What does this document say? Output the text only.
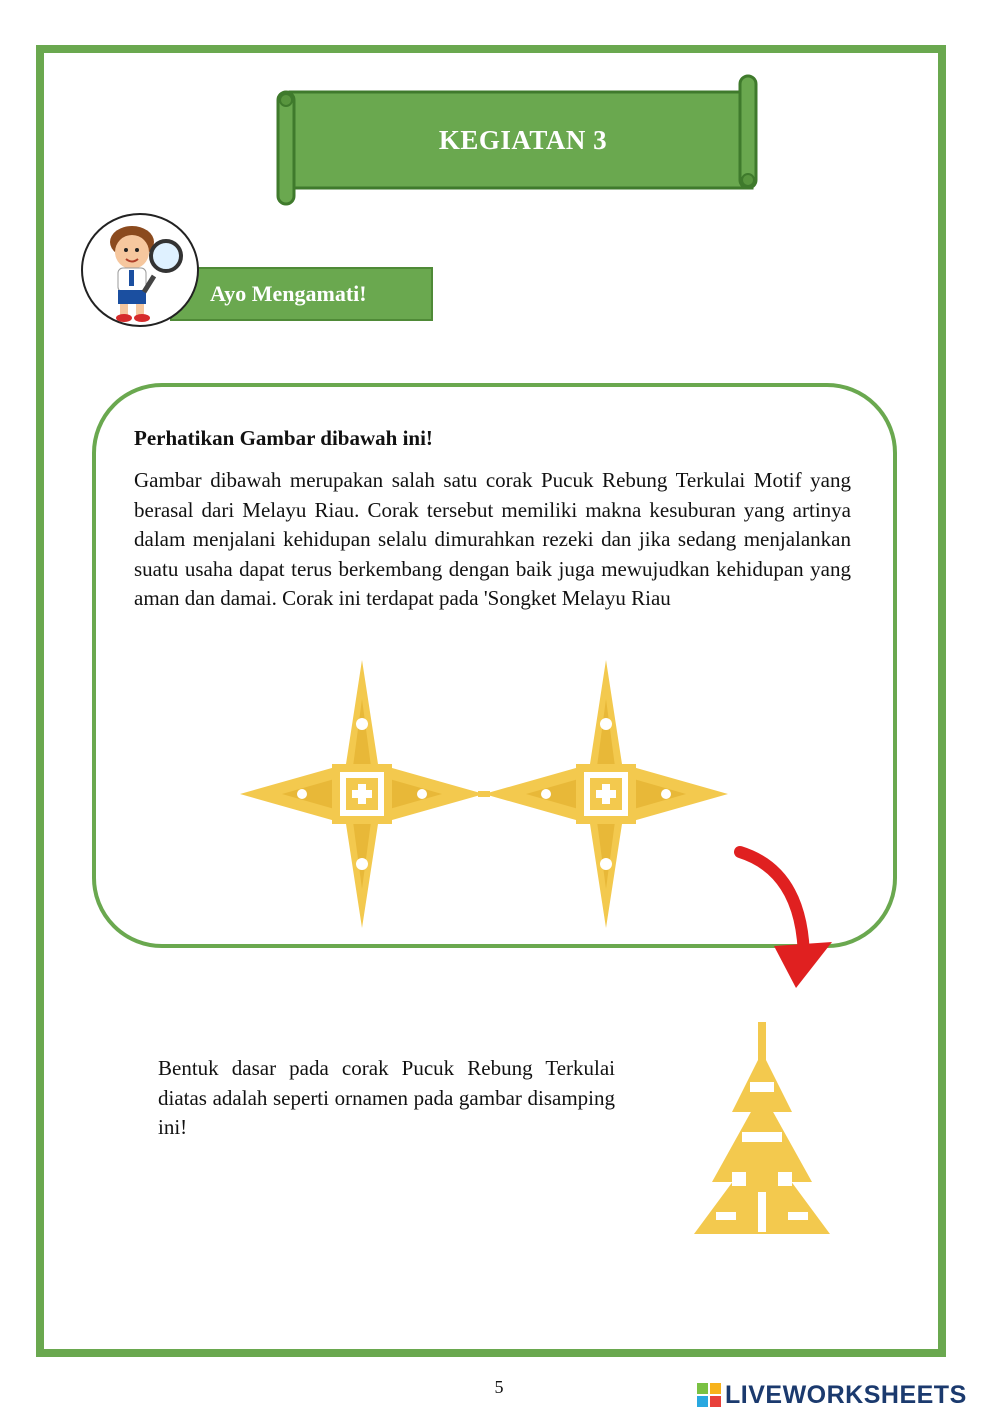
KEGIATAN 3
Ayo Mengamati!

Perhatikan Gambar dibawah ini!

Gambar dibawah merupakan salah satu corak Pucuk Rebung Terkulai Motif yang berasal dari Melayu Riau. Corak tersebut memiliki makna kesuburan yang artinya dalam menjalani kehidupan selalu dimurahkan rezeki dan jika sedang menjalankan suatu usaha dapat terus berkembang dengan baik juga mewujudkan kehidupan yang aman dan damai. Corak ini terdapat pada 'Songket Melayu Riau

Bentuk dasar pada corak Pucuk Rebung Terkulai diatas adalah seperti ornamen pada gambar disamping ini!

5	LIVEWORKSHEETS
